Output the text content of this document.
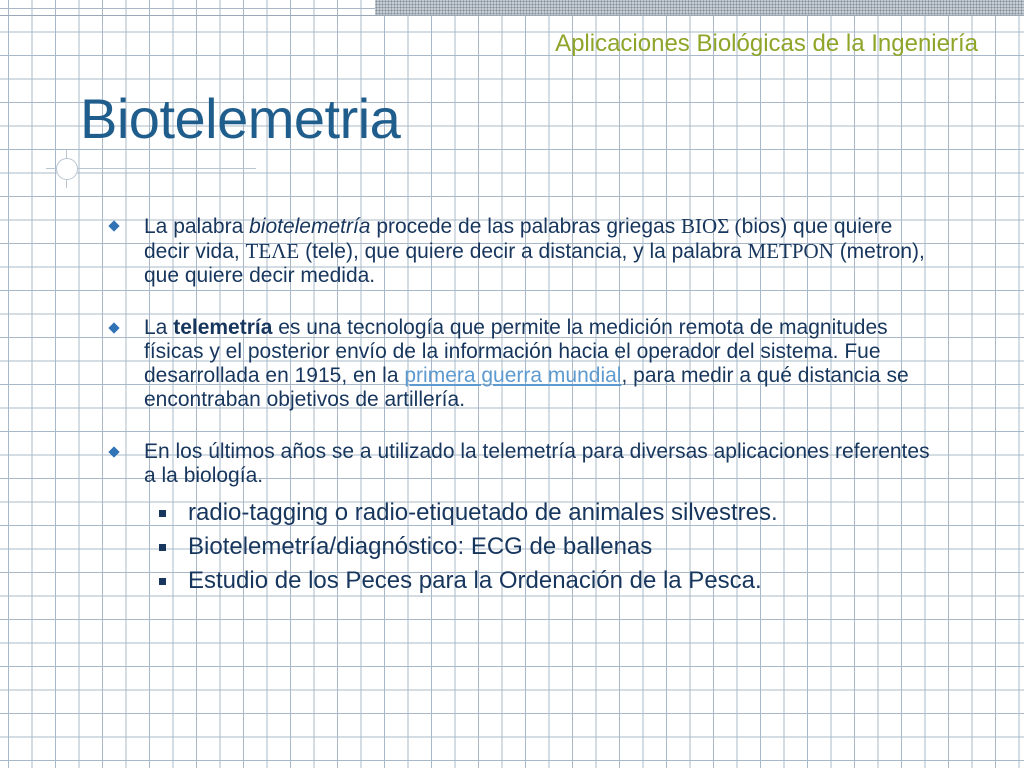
Aplicaciones Biológicas de la Ingeniería
Biotelemetria
La palabra biotelemetría procede de las palabras griegas ΒΙΟΣ (bios) que quiere decir vida, ΤΕΛΕ (tele), que quiere decir a distancia, y la palabra ΜΕΤΡΟΝ (metron), que quiere decir medida.
La telemetría es una tecnología que permite la medición remota de magnitudes físicas y el posterior envío de la información hacia el operador del sistema. Fue desarrollada en 1915, en la primera guerra mundial, para medir a qué distancia se encontraban objetivos de artillería.
En los últimos años se a utilizado la telemetría para diversas aplicaciones referentes a la biología.
radio-tagging o radio-etiquetado de animales silvestres.
Biotelemetría/diagnóstico: ECG de ballenas
Estudio de los Peces para la Ordenación de la Pesca.
